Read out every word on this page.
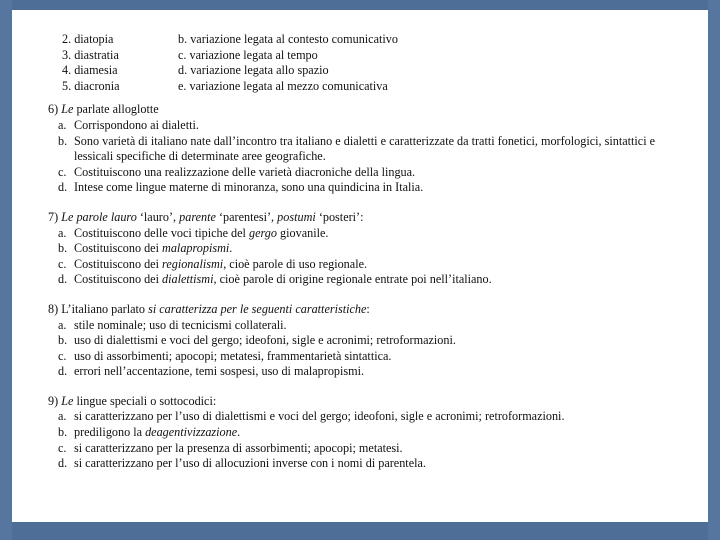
2. diatopia	b. variazione legata al contesto comunicativo
3. diastratia	c. variazione legata al tempo
4. diamesia	d. variazione legata allo spazio
5. diacronia	e. variazione legata al mezzo comunicativa
6) Le parlate alloglotte
a. Corrispondono ai dialetti.
b. Sono varietà di italiano nate dall’incontro tra italiano e dialetti e caratterizzate da tratti fonetici, morfologici, sintattici e lessicali specifiche di determinate aree geografiche.
c. Costituiscono una realizzazione delle varietà diacroniche della lingua.
d. Intese come lingue materne di minoranza, sono una quindicina in Italia.
7) Le parole lauro ‘lauro’, parente ‘parentesi’, postumi ‘posteri’:
a. Costituiscono delle voci tipiche del gergo giovanile.
b. Costituiscono dei malapropismi.
c. Costituiscono dei regionalismi, cioè parole di uso regionale.
d. Costituiscono dei dialettismi, cioè parole di origine regionale entrate poi nell’italiano.
8) L’italiano parlato si caratterizza per le seguenti caratteristiche:
a. stile nominale; uso di tecnicismi collaterali.
b. uso di dialettismi e voci del gergo; ideofoni, sigle e acronimi; retroformazioni.
c. uso di assorbimenti; apocopi; metatesi, frammentarietà sintattica.
d. errori nell’accentazione, temi sospesi, uso di malapropismi.
9) Le lingue speciali o sottocodici:
a. si caratterizzano per l’uso di dialettismi e voci del gergo; ideofoni, sigle e acronimi; retroformazioni.
b. prediligono la deagentivizzazione.
c. si caratterizzano per la presenza di assorbimenti; apocopi; metatesi.
d. si caratterizzano per l’uso di allocuzioni inverse con i nomi di parentela.
